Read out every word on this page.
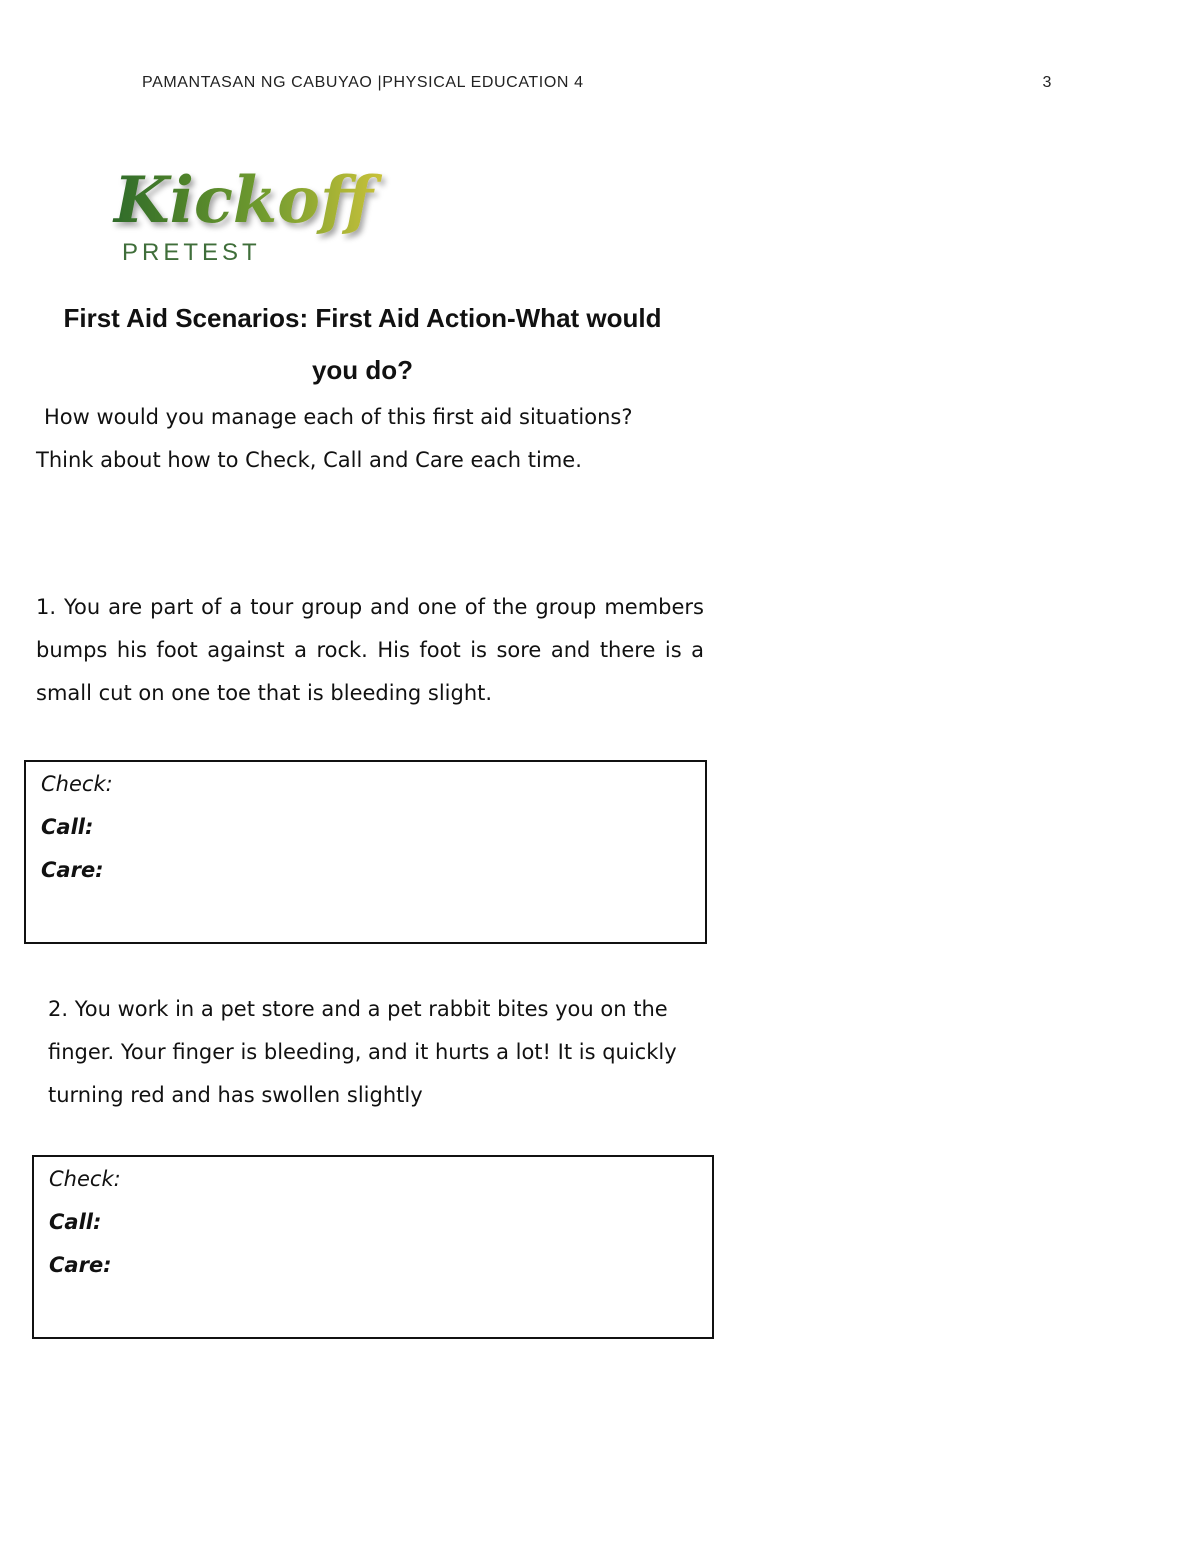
PAMANTASAN NG CABUYAO |PHYSICAL EDUCATION 4	3
Kickoff
PRETEST
First Aid Scenarios: First Aid Action-What would
you do?

How would you manage each of this first aid situations?

Think about how to Check, Call and Care each time.

1. You are part of a tour group and one of the group members bumps his foot against a rock. His foot is sore and there is a small cut on one toe that is bleeding slight.

Check:
Call:
Care:

2. You work in a pet store and a pet rabbit bites you on the finger. Your finger is bleeding, and it hurts a lot! It is quickly turning red and has swollen slightly

Check:
Call:
Care:
